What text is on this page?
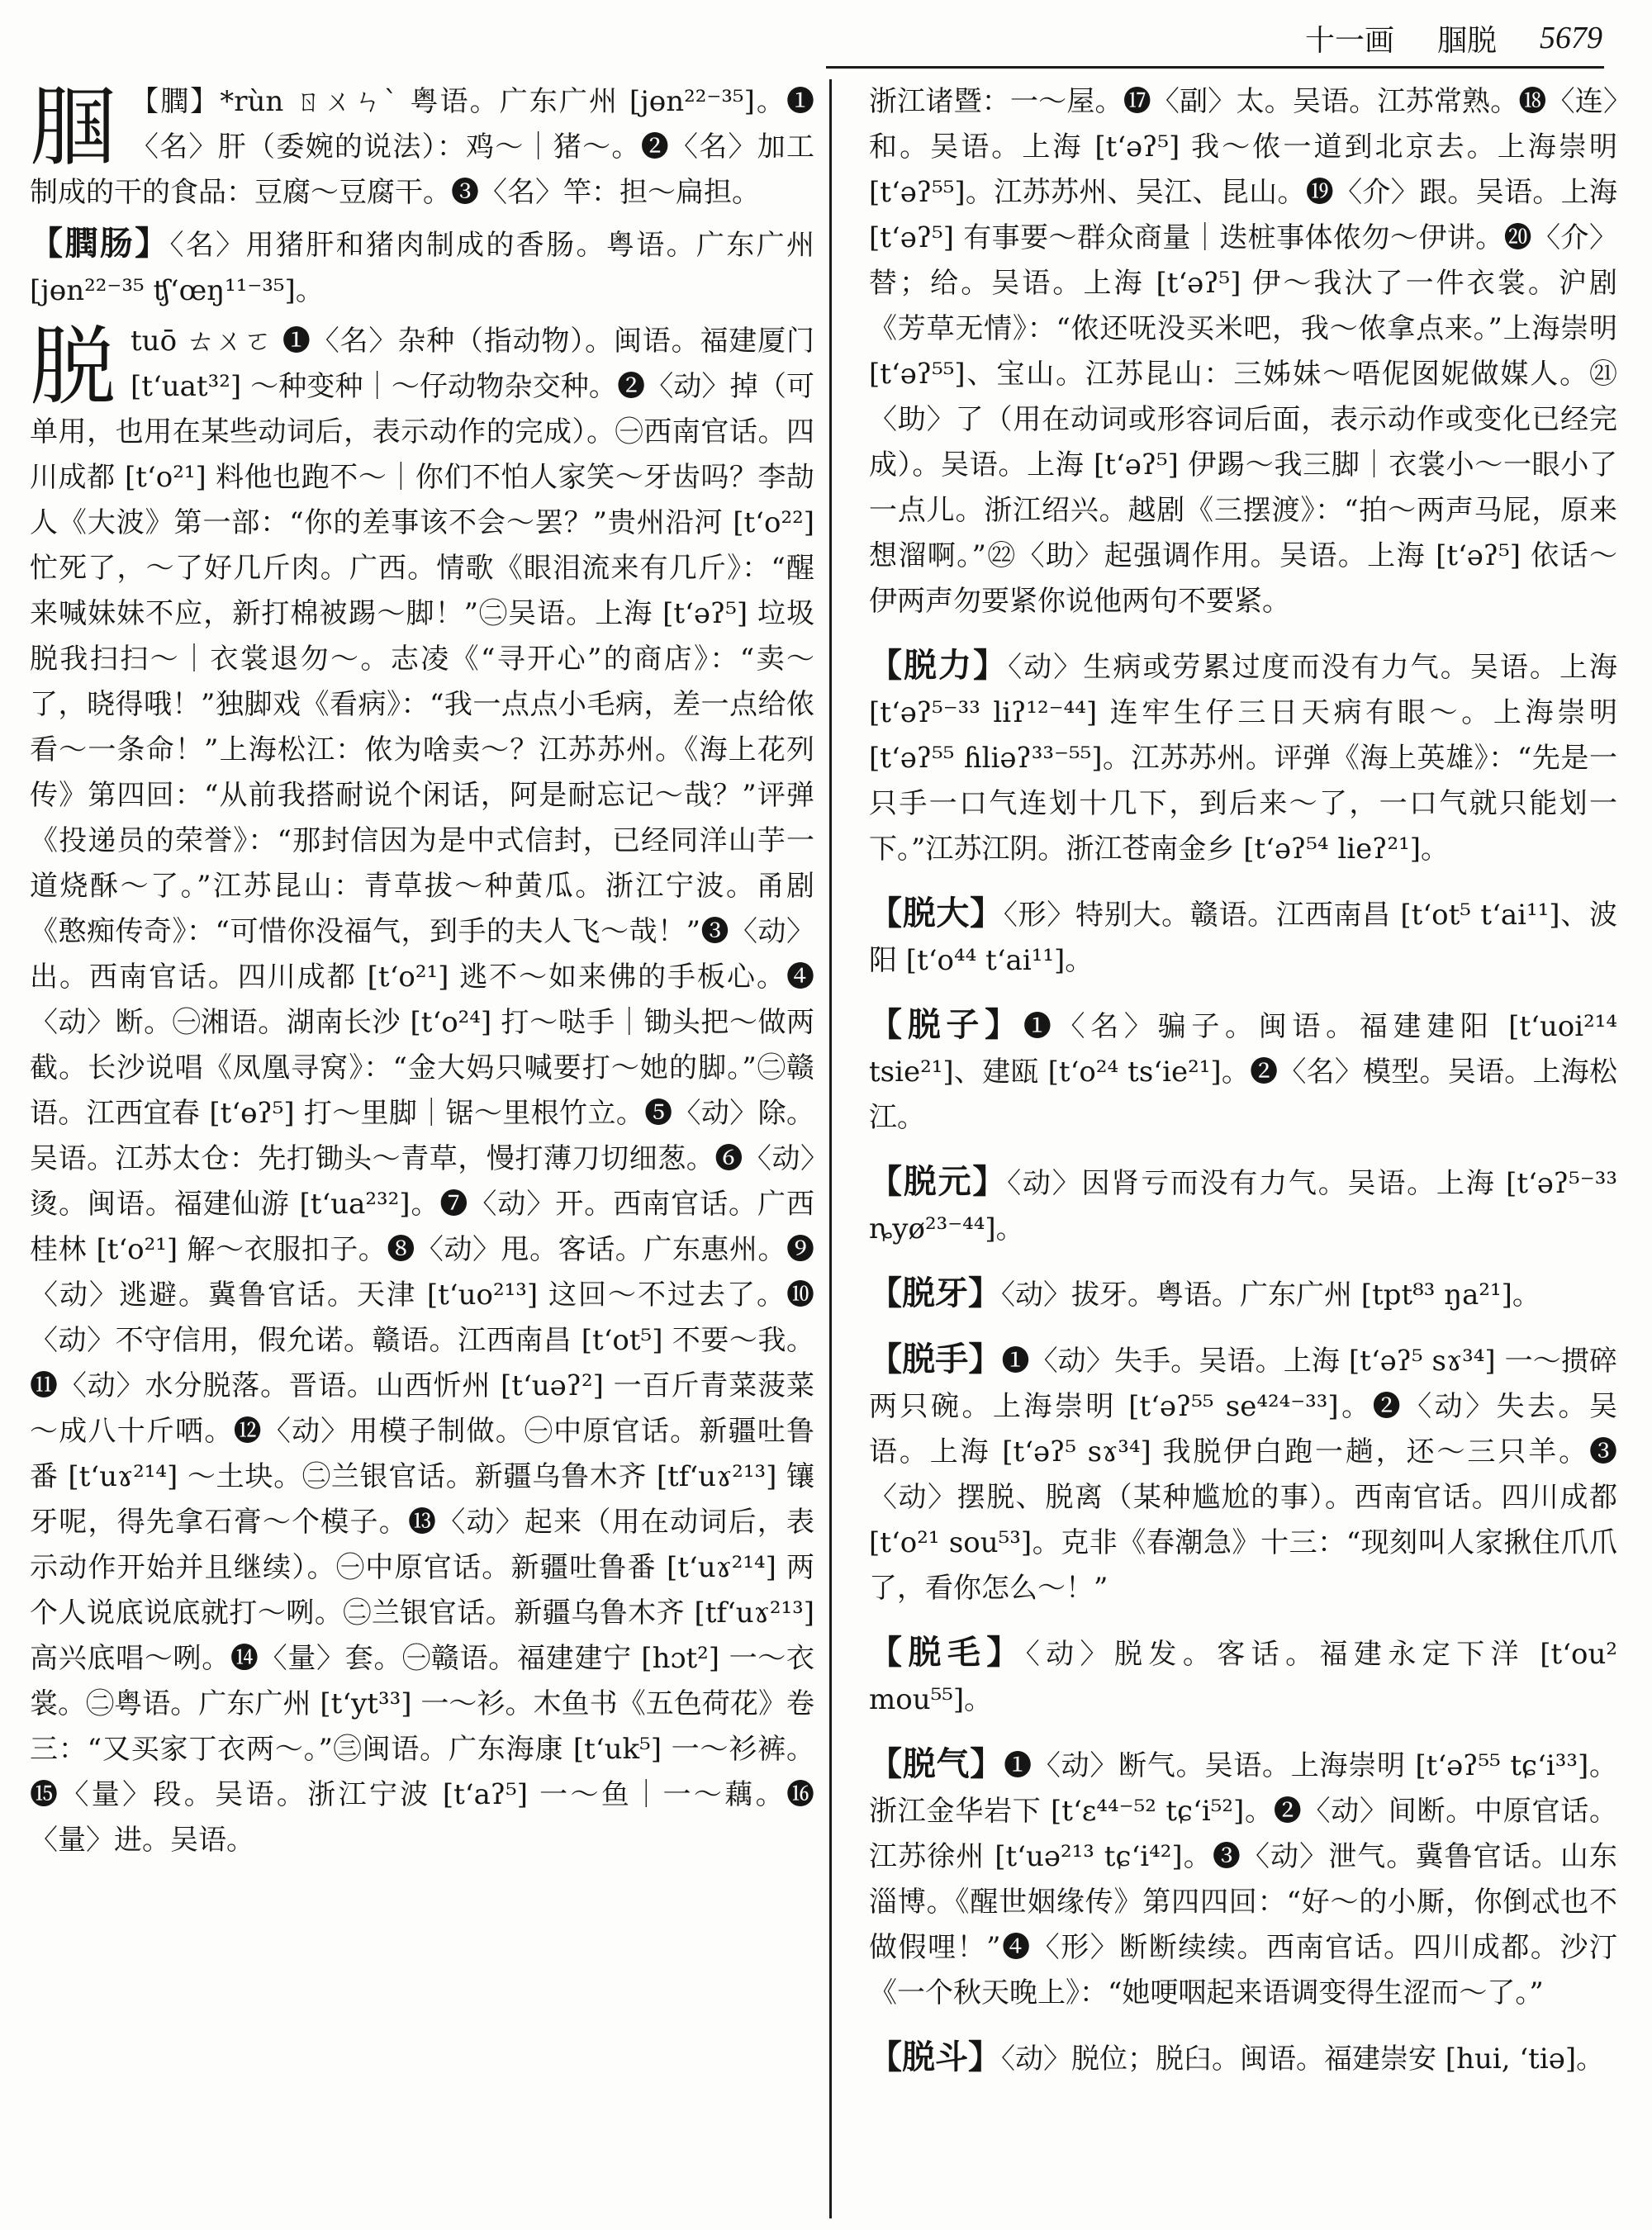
十一画 腘脱 5679
腘 【膶】*rùn ㄖㄨㄣˋ 粤语。广东广州 [jɵn²²⁻³⁵]。❶〈名〉肝（委婉的说法）：鸡～｜猪～。❷〈名〉加工制成的干的食品：豆腐～豆腐干。❸〈名〉竿：担～扁担。
【膶肠】〈名〉用猪肝和猪肉制成的香肠。粤语。广东广州 [jɵn²²⁻³⁵ ʧʻœŋ¹¹⁻³⁵]。
脱 tuō ㄊㄨㄛ ❶〈名〉杂种（指动物）。闽语。福建厦门 [tʻuat³²] ～种变种｜～仔动物杂交种。❷〈动〉掉（可单用，也用在某些动词后，表示动作的完成）。㊀西南官话。四川成都 [tʻo²¹] 料他也跑不～｜你们不怕人家笑～牙齿吗？李劼人《大波》第一部：“你的差事该不会～罢？”贵州沿河 [tʻo²²] 忙死了，～了好几斤肉。广西。情歌《眼泪流来有几斤》：“醒来喊妹妹不应，新打棉被踢～脚！”㊁吴语。上海 [tʻəʔ⁵] 垃圾脱我扫扫～｜衣裳退勿～。志凌《“寻开心”的商店》：“卖～了，晓得哦！”独脚戏《看病》：“我一点点小毛病，差一点给侬看～一条命！”上海松江：侬为啥卖～？江苏苏州。《海上花列传》第四回：“从前我搭耐说个闲话，阿是耐忘记～哉？”评弹《投递员的荣誉》：“那封信因为是中式信封，已经同洋山芋一道烧酥～了。”江苏昆山：青草拔～种黄瓜。浙江宁波。甬剧《憨痴传奇》：“可惜你没福气，到手的夫人飞～哉！”❸〈动〉出。西南官话。四川成都 [tʻo²¹] 逃不～如来佛的手板心。❹〈动〉断。㊀湘语。湖南长沙 [tʻo²⁴] 打～哒手｜锄头把～做两截。长沙说唱《凤凰寻窝》：“金大妈只喊要打～她的脚。”㊁赣语。江西宜春 [tʻɵʔ⁵] 打～里脚｜锯～里根竹立。❺〈动〉除。吴语。江苏太仓：先打锄头～青草，慢打薄刀切细葱。❻〈动〉烫。闽语。福建仙游 [tʻua²³²]。❼〈动〉开。西南官话。广西桂林 [tʻo²¹] 解～衣服扣子。❽〈动〉甩。客话。广东惠州。❾〈动〉逃避。冀鲁官话。天津 [tʻuo²¹³] 这回～不过去了。❿〈动〉不守信用，假允诺。赣语。江西南昌 [tʻot⁵] 不要～我。⓫〈动〉水分脱落。晋语。山西忻州 [tʻuəʔ²] 一百斤青菜菠菜～成八十斤哂。⓬〈动〉用模子制做。㊀中原官话。新疆吐鲁番 [tʻuɤ²¹⁴] ～土块。㊁兰银官话。新疆乌鲁木齐 [tfʻuɤ²¹³] 镶牙呢，得先拿石膏～个模子。⓭〈动〉起来（用在动词后，表示动作开始并且继续）。㊀中原官话。新疆吐鲁番 [tʻuɤ²¹⁴] 两个人说底说底就打～咧。㊁兰银官话。新疆乌鲁木齐 [tfʻuɤ²¹³] 高兴底唱～咧。⓮〈量〉套。㊀赣语。福建建宁 [hɔt²] 一～衣裳。㊁粤语。广东广州 [tʻyt³³] 一～衫。木鱼书《五色荷花》卷三：“又买家丁衣两～。”㊂闽语。广东海康 [tʻuk⁵] 一～衫裤。⓯〈量〉段。吴语。浙江宁波 [tʻaʔ⁵] 一～鱼｜一～藕。⓰〈量〉进。吴语。
浙江诸暨：一～屋。⓱〈副〉太。吴语。江苏常熟。⓲〈连〉和。吴语。上海 [tʻəʔ⁵] 我～侬一道到北京去。上海崇明 [tʻəʔ⁵⁵]。江苏苏州、吴江、昆山。⓳〈介〉跟。吴语。上海 [tʻəʔ⁵] 有事要～群众商量｜迭桩事体侬勿～伊讲。⓴〈介〉替；给。吴语。上海 [tʻəʔ⁵] 伊～我汏了一件衣裳。沪剧《芳草无情》：“侬还呒没买米吧，我～侬拿点来。”上海崇明 [tʻəʔ⁵⁵]、宝山。江苏昆山：三姊妹～唔伲囡妮做媒人。㉑〈助〉了（用在动词或形容词后面，表示动作或变化已经完成）。吴语。上海 [tʻəʔ⁵] 伊踢～我三脚｜衣裳小～一眼小了一点儿。浙江绍兴。越剧《三摆渡》：“拍～两声马屁，原来想溜啊。”㉒〈助〉起强调作用。吴语。上海 [tʻəʔ⁵] 依话～伊两声勿要紧你说他两句不要紧。
【脱力】〈动〉生病或劳累过度而没有力气。吴语。上海 [tʻəʔ⁵⁻³³ liʔ¹²⁻⁴⁴] 连牢生仔三日天病有眼～。上海崇明 [tʻəʔ⁵⁵ ɦliəʔ³³⁻⁵⁵]。江苏苏州。评弹《海上英雄》：“先是一只手一口气连划十几下，到后来～了，一口气就只能划一下。”江苏江阴。浙江苍南金乡 [tʻəʔ⁵⁴ lieʔ²¹]。
【脱大】〈形〉特别大。赣语。江西南昌 [tʻot⁵ tʻai¹¹]、波阳 [tʻo⁴⁴ tʻai¹¹]。
【脱子】❶〈名〉骗子。闽语。福建建阳 [tʻuoi²¹⁴ tsie²¹]、建瓯 [tʻo²⁴ tsʻie²¹]。❷〈名〉模型。吴语。上海松江。
【脱元】〈动〉因肾亏而没有力气。吴语。上海 [tʻəʔ⁵⁻³³ ȵyø²³⁻⁴⁴]。
【脱牙】〈动〉拔牙。粤语。广东广州 [tpt⁸³ ŋa²¹]。
【脱手】❶〈动〉失手。吴语。上海 [tʻəʔ⁵ sɤ³⁴] 一～掼碎两只碗。上海崇明 [tʻəʔ⁵⁵ se⁴²⁴⁻³³]。❷〈动〉失去。吴语。上海 [tʻəʔ⁵ sɤ³⁴] 我脱伊白跑一趟，还～三只羊。❸〈动〉摆脱、脱离（某种尴尬的事）。西南官话。四川成都 [tʻo²¹ sou⁵³]。克非《春潮急》十三：“现刻叫人家揪住爪爪了，看你怎么～！”
【脱毛】〈动〉脱发。客话。福建永定下洋 [tʻou² mou⁵⁵]。
【脱气】❶〈动〉断气。吴语。上海崇明 [tʻəʔ⁵⁵ tɕʻi³³]。浙江金华岩下 [tʻɛ⁴⁴⁻⁵² tɕʻi⁵²]。❷〈动〉间断。中原官话。江苏徐州 [tʻuə²¹³ tɕʻi⁴²]。❸〈动〉泄气。冀鲁官话。山东淄博。《醒世姻缘传》第四四回：“好～的小厮，你倒忒也不做假哩！”❹〈形〉断断续续。西南官话。四川成都。沙汀《一个秋天晚上》：“她哽咽起来语调变得生涩而～了。”
【脱斗】〈动〉脱位；脱臼。闽语。福建崇安 [hui, ʻtiə]。
